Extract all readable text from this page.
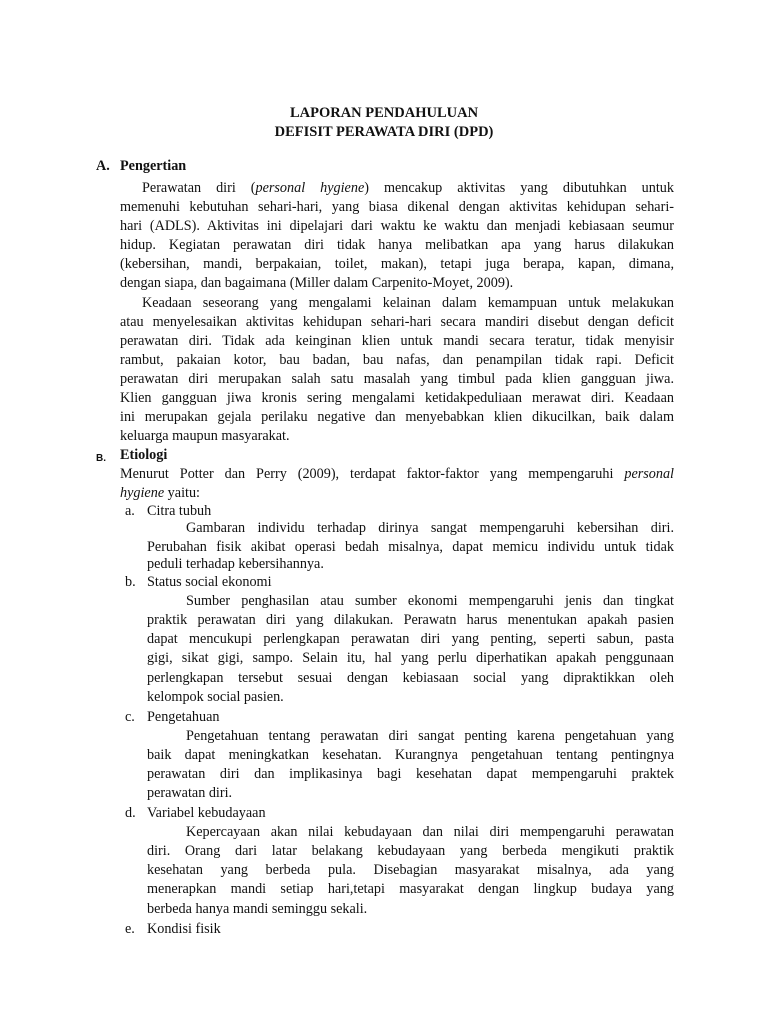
LAPORAN PENDAHULUAN
DEFISIT PERAWATA DIRI (DPD)
A. Pengertian
Perawatan diri (personal hygiene) mencakup aktivitas yang dibutuhkan untuk
memenuhi kebutuhan sehari-hari, yang biasa dikenal dengan aktivitas kehidupan sehari-
hari (ADLS). Aktivitas ini dipelajari dari waktu ke waktu dan menjadi kebiasaan seumur
hidup. Kegiatan perawatan diri tidak hanya melibatkan apa yang harus dilakukan
(kebersihan, mandi, berpakaian, toilet, makan), tetapi juga berapa, kapan, dimana,
dengan siapa, dan bagaimana (Miller dalam Carpenito-Moyet, 2009).
Keadaan seseorang yang mengalami kelainan dalam kemampuan untuk melakukan
atau menyelesaikan aktivitas kehidupan sehari-hari secara mandiri disebut dengan deficit
perawatan diri. Tidak ada keinginan klien untuk mandi secara teratur, tidak menyisir
rambut, pakaian kotor, bau badan, bau nafas, dan penampilan tidak rapi. Deficit
perawatan diri merupakan salah satu masalah yang timbul pada klien gangguan jiwa.
Klien gangguan jiwa kronis sering mengalami ketidakpeduliaan merawat diri. Keadaan
ini merupakan gejala perilaku negative dan menyebabkan klien dikucilkan, baik dalam
keluarga maupun masyarakat.
B. Etiologi
Menurut Potter dan Perry (2009), terdapat faktor-faktor yang mempengaruhi personal
hygiene yaitu:
a. Citra tubuh
Gambaran individu terhadap dirinya sangat mempengaruhi kebersihan diri.
Perubahan fisik akibat operasi bedah misalnya, dapat memicu individu untuk tidak
peduli terhadap kebersihannya.
b. Status social ekonomi
Sumber penghasilan atau sumber ekonomi mempengaruhi jenis dan tingkat
praktik perawatan diri yang dilakukan. Perawatn harus menentukan apakah pasien
dapat mencukupi perlengkapan perawatan diri yang penting, seperti sabun, pasta
gigi, sikat gigi, sampo. Selain itu, hal yang perlu diperhatikan apakah penggunaan
perlengkapan tersebut sesuai dengan kebiasaan social yang dipraktikkan oleh
kelompok social pasien.
c. Pengetahuan
Pengetahuan tentang perawatan diri sangat penting karena pengetahuan yang
baik dapat meningkatkan kesehatan. Kurangnya pengetahuan tentang pentingnya
perawatan diri dan implikasinya bagi kesehatan dapat mempengaruhi praktek
perawatan diri.
d. Variabel kebudayaan
Kepercayaan akan nilai kebudayaan dan nilai diri mempengaruhi perawatan
diri. Orang dari latar belakang kebudayaan yang berbeda mengikuti praktik
kesehatan yang berbeda pula. Disebagian masyarakat misalnya, ada yang
menerapkan mandi setiap hari,tetapi masyarakat dengan lingkup budaya yang
berbeda hanya mandi seminggu sekali.
e. Kondisi fisik
